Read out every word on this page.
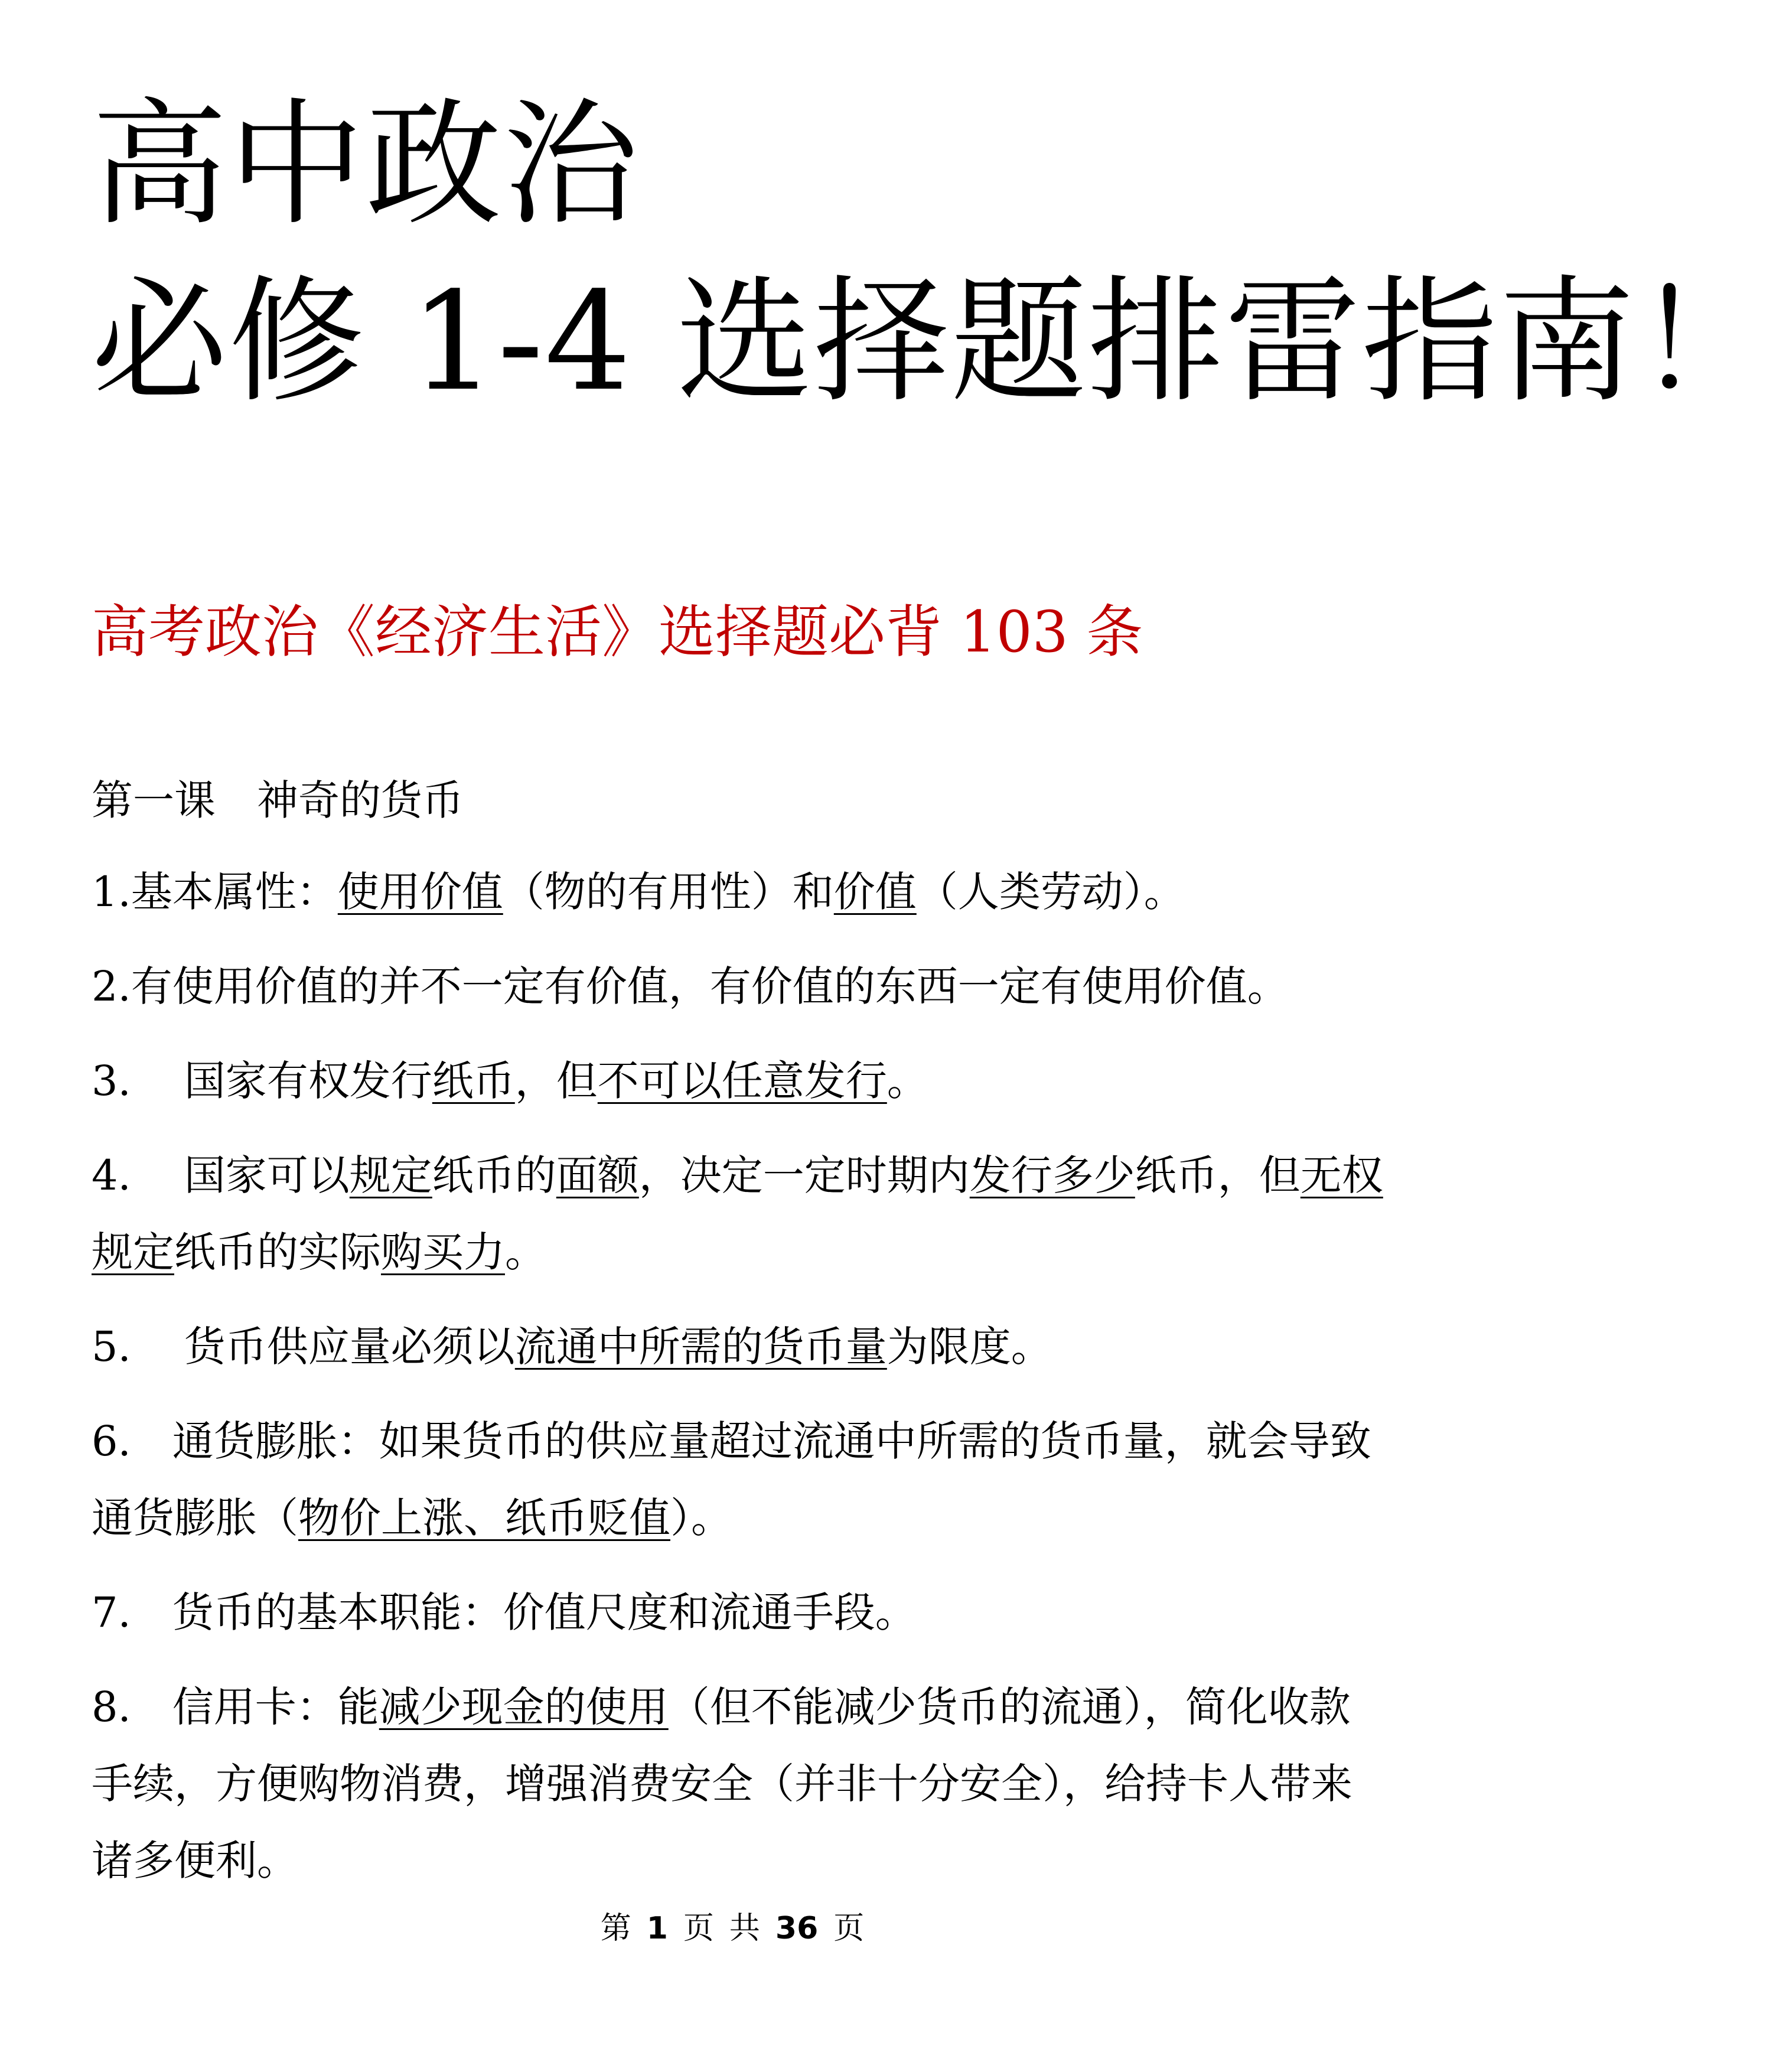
高中政治
必修 1-4 选择题排雷指南！
高考政治《经济生活》选择题必背 103 条

第一课 神奇的货币

1.基本属性：使用价值（物的有用性）和价值（人类劳动）。

2.有使用价值的并不一定有价值，有价值的东西一定有使用价值。

3. 国家有权发行纸币，但不可以任意发行。

4. 国家可以规定纸币的面额，决定一定时期内发行多少纸币，但无权规定纸币的实际购买力。

5. 货币供应量必须以流通中所需的货币量为限度。

6. 通货膨胀：如果货币的供应量超过流通中所需的货币量，就会导致通货膨胀（物价上涨、纸币贬值）。

7. 货币的基本职能：价值尺度和流通手段。

8. 信用卡：能减少现金的使用（但不能减少货币的流通），简化收款手续，方便购物消费，增强消费安全（并非十分安全），给持卡人带来诸多便利。

第 1 页 共 36 页
